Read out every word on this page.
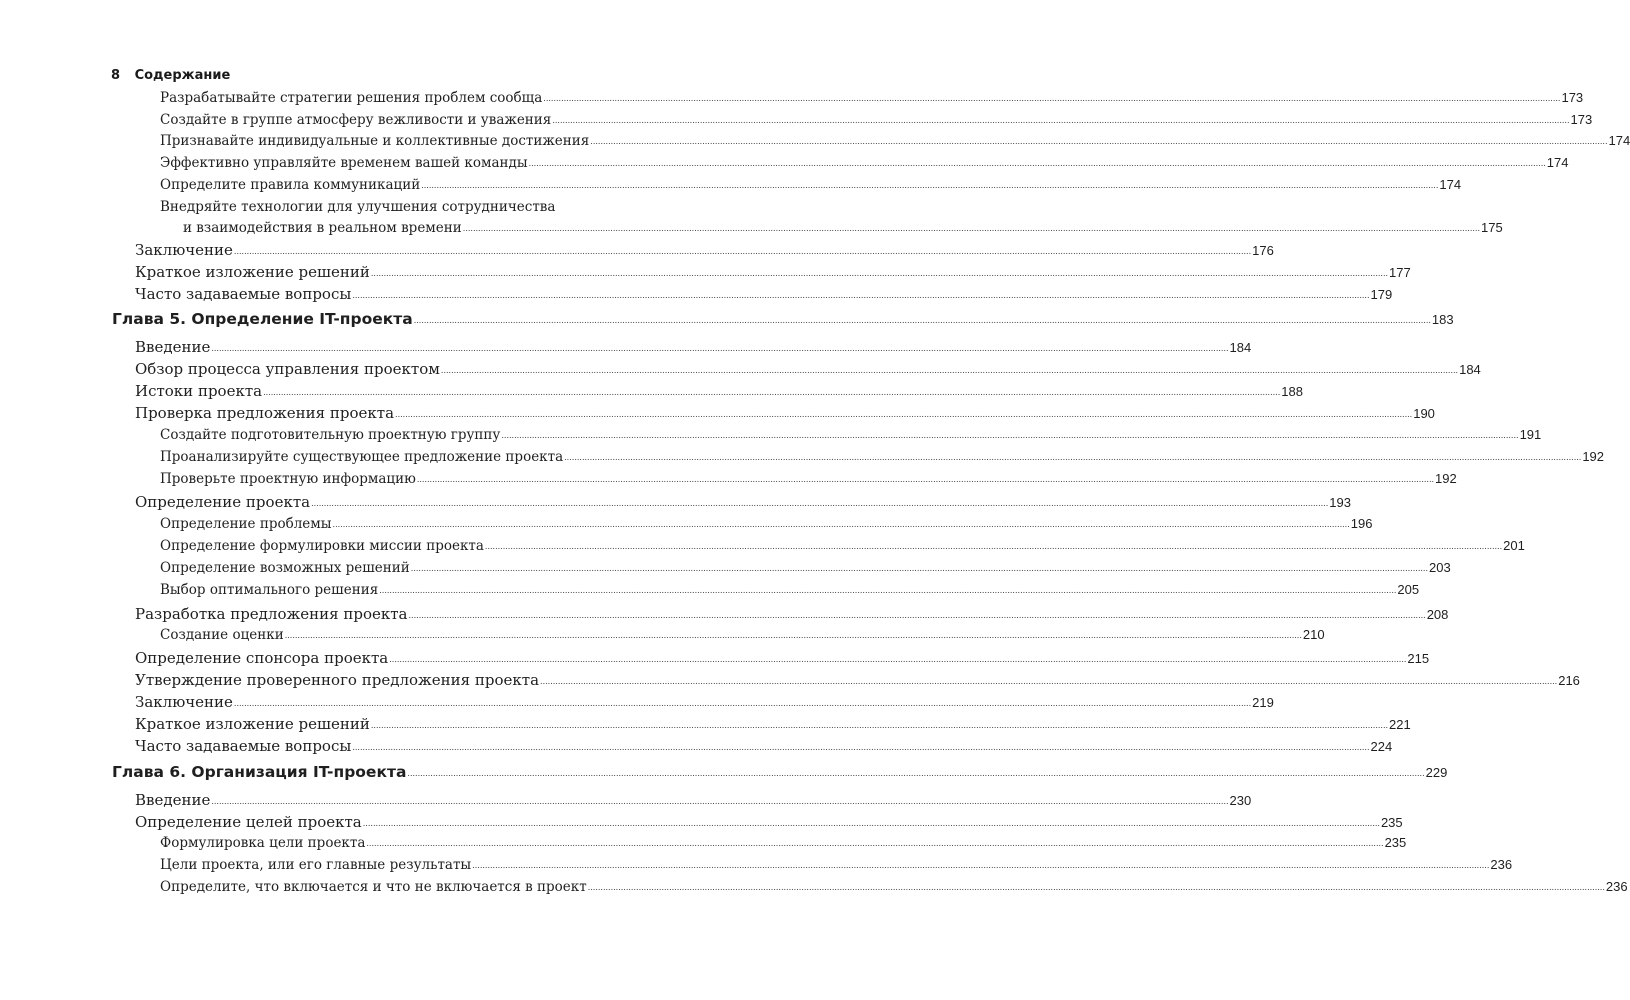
8 Содержание
Разрабатывайте стратегии решения проблем сообща ................................................................................................................................................................................................................................................................................................................................................................................................................ 173
Создайте в группе атмосферу вежливости и уважения ................................................................................................................................................................................................................................................................................................................................................................................................................ 173
Признавайте индивидуальные и коллективные достижения ................................................................................................................................................................................................................................................................................................................................................................................................................ 174
Эффективно управляйте временем вашей команды ................................................................................................................................................................................................................................................................................................................................................................................................................ 174
Определите правила коммуникаций ................................................................................................................................................................................................................................................................................................................................................................................................................ 174
Внедряйте технологии для улучшения сотрудничества
и взаимодействия в реальном времени ................................................................................................................................................................................................................................................................................................................................................................................................................ 175
Заключение ................................................................................................................................................................................................................................................................................................................................................................................................................ 176
Краткое изложение решений ................................................................................................................................................................................................................................................................................................................................................................................................................ 177
Часто задаваемые вопросы ................................................................................................................................................................................................................................................................................................................................................................................................................ 179
Глава 5. Определение IT-проекта ................................................................................................................................................................................................................................................................................................................................................................................................................ 183
Введение ................................................................................................................................................................................................................................................................................................................................................................................................................ 184
Обзор процесса управления проектом ................................................................................................................................................................................................................................................................................................................................................................................................................ 184
Истоки проекта ................................................................................................................................................................................................................................................................................................................................................................................................................ 188
Проверка предложения проекта ................................................................................................................................................................................................................................................................................................................................................................................................................ 190
Создайте подготовительную проектную группу ................................................................................................................................................................................................................................................................................................................................................................................................................ 191
Проанализируйте существующее предложение проекта ................................................................................................................................................................................................................................................................................................................................................................................................................ 192
Проверьте проектную информацию ................................................................................................................................................................................................................................................................................................................................................................................................................ 192
Определение проекта ................................................................................................................................................................................................................................................................................................................................................................................................................ 193
Определение проблемы ................................................................................................................................................................................................................................................................................................................................................................................................................ 196
Определение формулировки миссии проекта ................................................................................................................................................................................................................................................................................................................................................................................................................ 201
Определение возможных решений ................................................................................................................................................................................................................................................................................................................................................................................................................ 203
Выбор оптимального решения ................................................................................................................................................................................................................................................................................................................................................................................................................ 205
Разработка предложения проекта ................................................................................................................................................................................................................................................................................................................................................................................................................ 208
Создание оценки ................................................................................................................................................................................................................................................................................................................................................................................................................ 210
Определение спонсора проекта ................................................................................................................................................................................................................................................................................................................................................................................................................ 215
Утверждение проверенного предложения проекта ................................................................................................................................................................................................................................................................................................................................................................................................................ 216
Заключение ................................................................................................................................................................................................................................................................................................................................................................................................................ 219
Краткое изложение решений ................................................................................................................................................................................................................................................................................................................................................................................................................ 221
Часто задаваемые вопросы ................................................................................................................................................................................................................................................................................................................................................................................................................ 224
Глава 6. Организация IT-проекта ................................................................................................................................................................................................................................................................................................................................................................................................................ 229
Введение ................................................................................................................................................................................................................................................................................................................................................................................................................ 230
Определение целей проекта ................................................................................................................................................................................................................................................................................................................................................................................................................ 235
Формулировка цели проекта ................................................................................................................................................................................................................................................................................................................................................................................................................ 235
Цели проекта, или его главные результаты ................................................................................................................................................................................................................................................................................................................................................................................................................ 236
Определите, что включается и что не включается в проект ................................................................................................................................................................................................................................................................................................................................................................................................................ 236
